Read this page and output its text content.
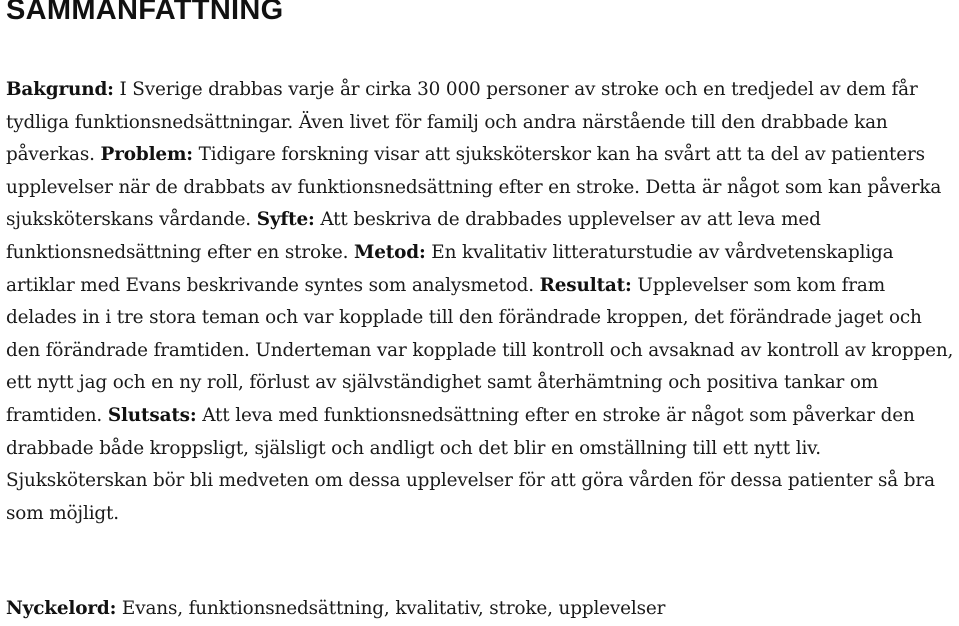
SAMMANFATTNING

Bakgrund: I Sverige drabbas varje år cirka 30 000 personer av stroke och en tredjedel av dem får tydliga funktionsnedsättningar. Även livet för familj och andra närstående till den drabbade kan påverkas. Problem: Tidigare forskning visar att sjuksköterskor kan ha svårt att ta del av patienters upplevelser när de drabbats av funktionsnedsättning efter en stroke. Detta är något som kan påverka sjuksköterskans vårdande. Syfte: Att beskriva de drabbades upplevelser av att leva med funktionsnedsättning efter en stroke. Metod: En kvalitativ litteraturstudie av vårdvetenskapliga artiklar med Evans beskrivande syntes som analysmetod. Resultat: Upplevelser som kom fram delades in i tre stora teman och var kopplade till den förändrade kroppen, det förändrade jaget och den förändrade framtiden. Underteman var kopplade till kontroll och avsaknad av kontroll av kroppen, ett nytt jag och en ny roll, förlust av självständighet samt återhämtning och positiva tankar om framtiden. Slutsats: Att leva med funktionsnedsättning efter en stroke är något som påverkar den drabbade både kroppsligt, själsligt och andligt och det blir en omställning till ett nytt liv. Sjuksköterskan bör bli medveten om dessa upplevelser för att göra vården för dessa patienter så bra som möjligt.

Nyckelord: Evans, funktionsnedsättning, kvalitativ, stroke, upplevelser
